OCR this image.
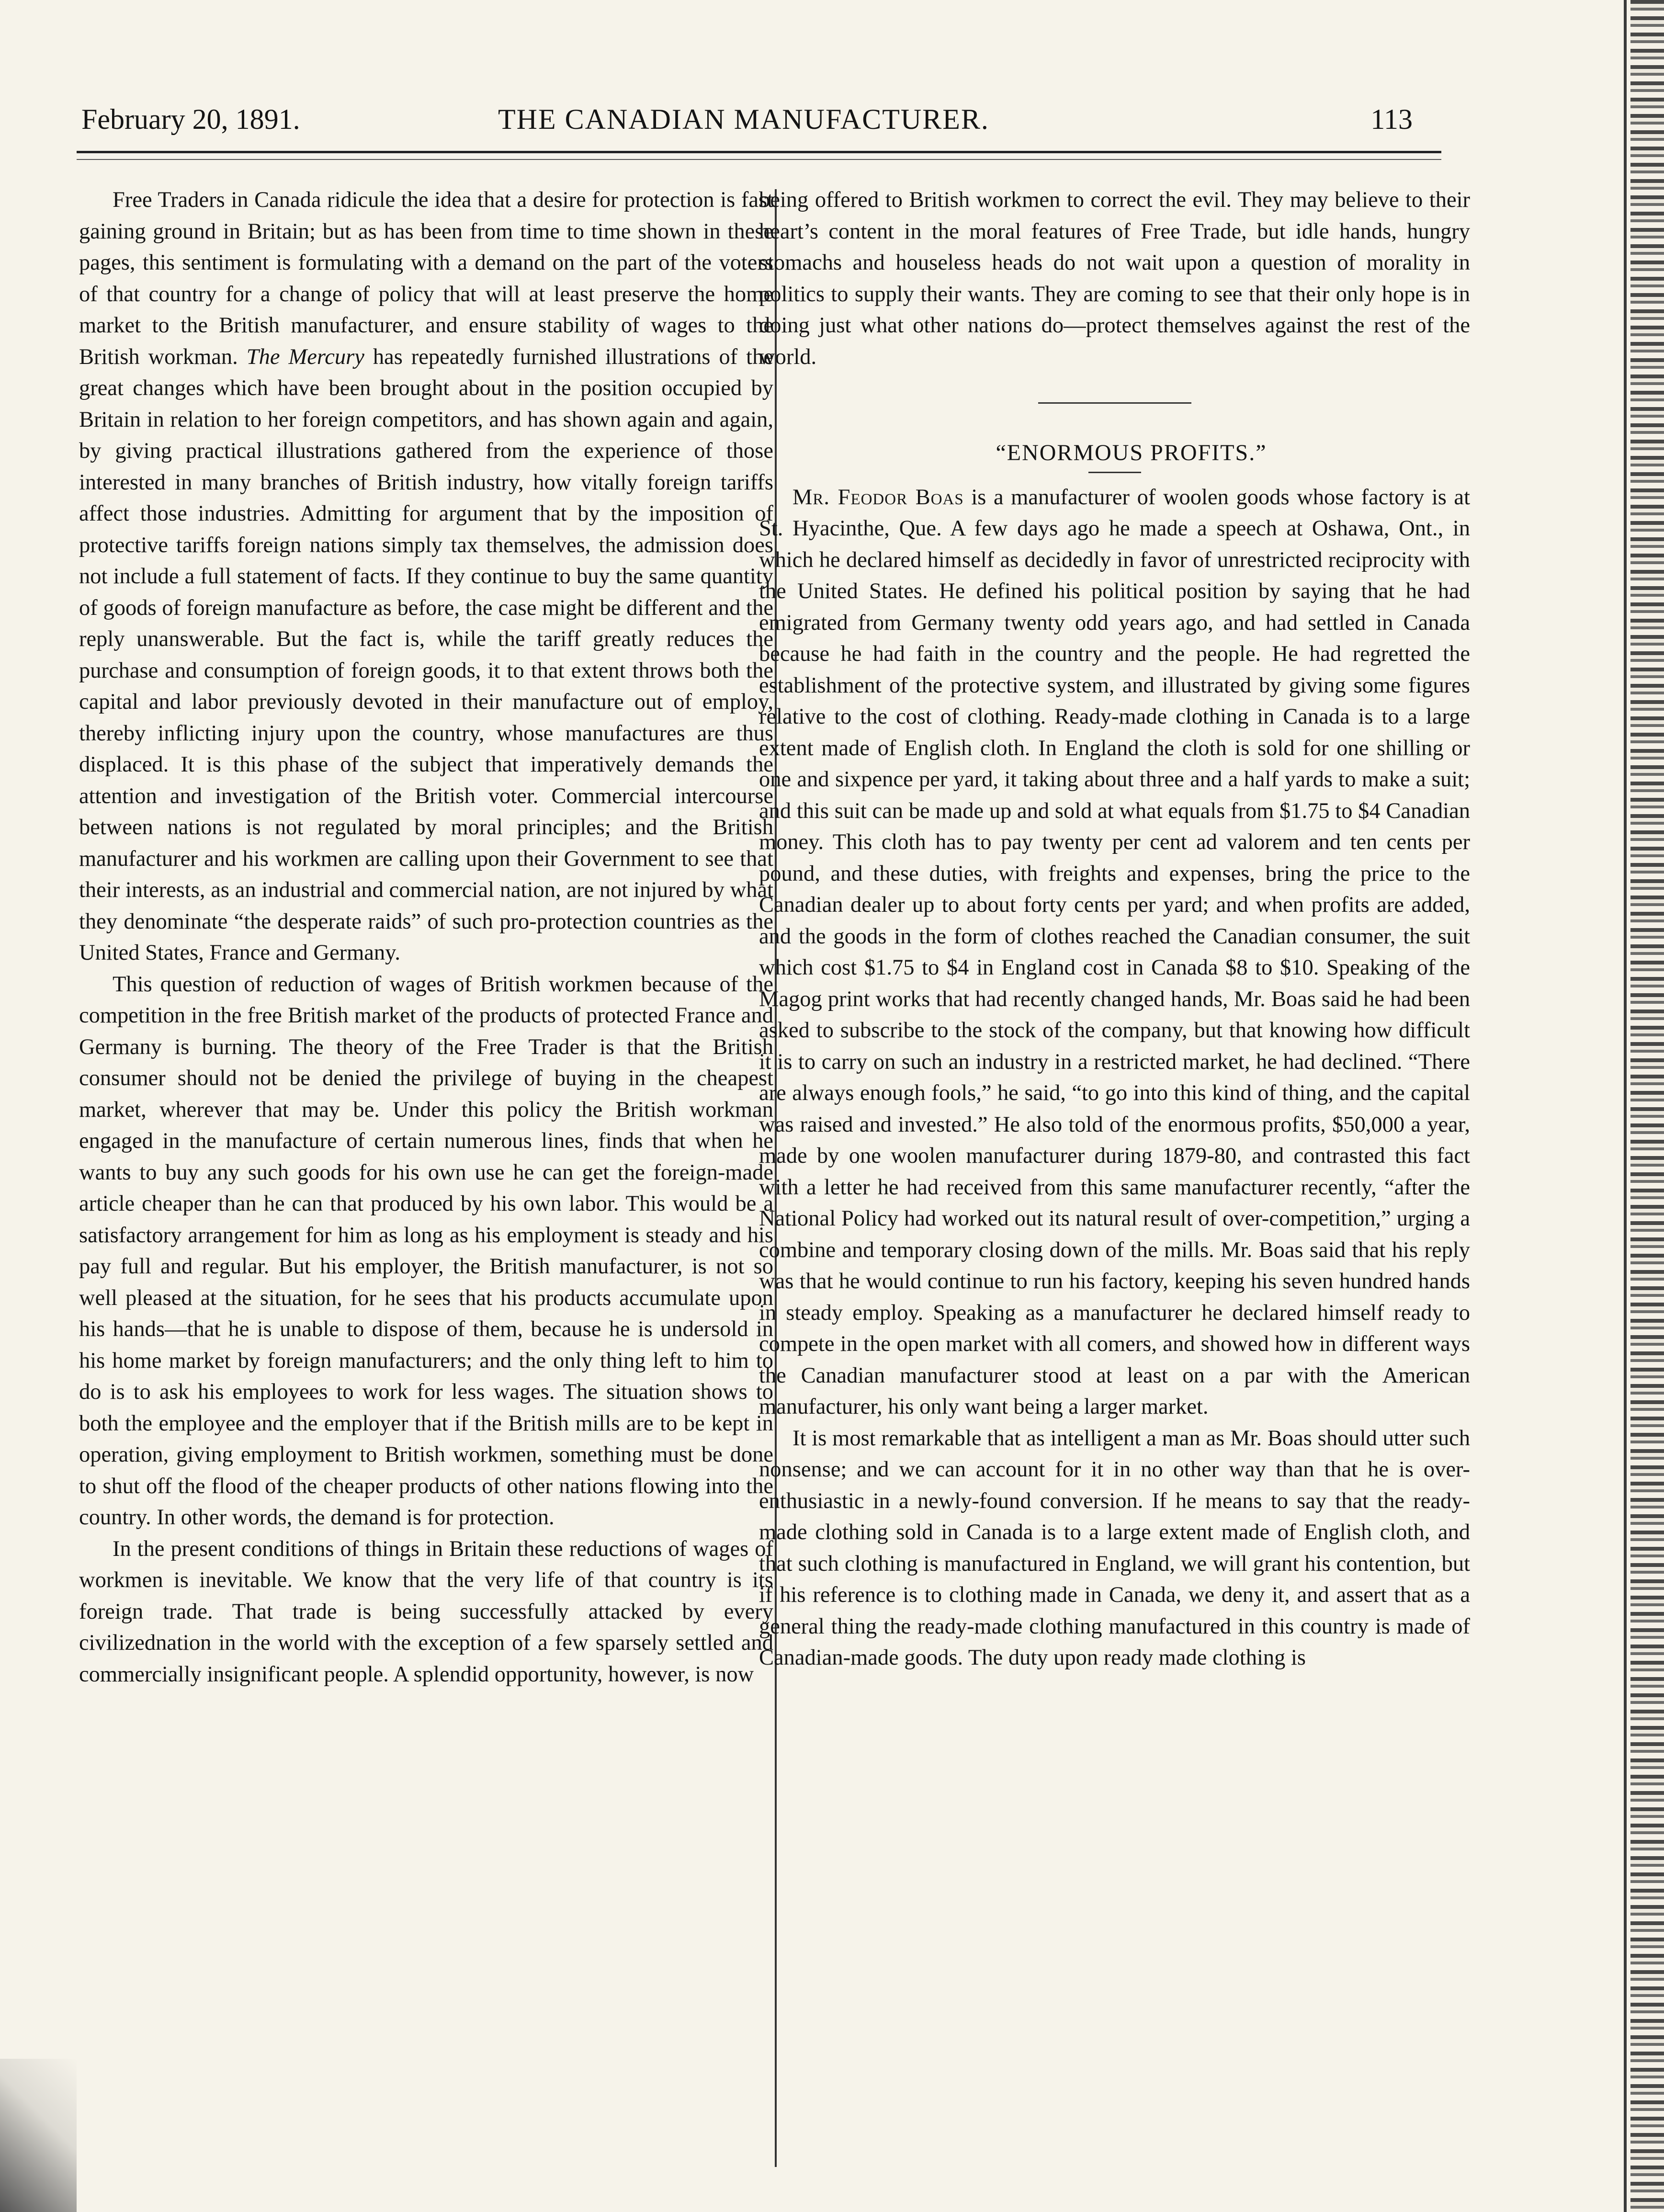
February 20, 1891.	THE CANADIAN MANUFACTURER.	113

Free Traders in Canada ridicule the idea that a desire for protection is fast gaining ground in Britain; but as has been from time to time shown in these pages, this sentiment is formulating with a demand on the part of the voters of that country for a change of policy that will at least preserve the home market to the British manufacturer, and ensure stability of wages to the British workman. The Mercury has repeatedly furnished illustrations of the great changes which have been brought about in the position occupied by Britain in relation to her foreign competitors, and has shown again and again, by giving practical illustrations gathered from the experience of those interested in many branches of British industry, how vitally foreign tariffs affect those industries. Admitting for argument that by the imposition of protective tariffs foreign nations simply tax themselves, the admission does not include a full statement of facts. If they continue to buy the same quantity of goods of foreign manufacture as before, the case might be different and the reply unanswerable. But the fact is, while the tariff greatly reduces the purchase and consumption of foreign goods, it to that extent throws both the capital and labor previously devoted in their manufacture out of employ, thereby inflicting injury upon the country, whose manufactures are thus displaced. It is this phase of the subject that imperatively demands the attention and investigation of the British voter. Commercial intercourse between nations is not regulated by moral principles; and the British manufacturer and his workmen are calling upon their Government to see that their interests, as an industrial and commercial nation, are not injured by what they denominate “the desperate raids” of such pro-protection countries as the United States, France and Germany.

This question of reduction of wages of British workmen because of the competition in the free British market of the products of protected France and Germany is burning. The theory of the Free Trader is that the British consumer should not be denied the privilege of buying in the cheapest market, wherever that may be. Under this policy the British workman engaged in the manufacture of certain numerous lines, finds that when he wants to buy any such goods for his own use he can get the foreign-made article cheaper than he can that produced by his own labor. This would be a satisfactory arrangement for him as long as his employment is steady and his pay full and regular. But his employer, the British manufacturer, is not so well pleased at the situation, for he sees that his products accumulate upon his hands—that he is unable to dispose of them, because he is undersold in his home market by foreign manufacturers; and the only thing left to him to do is to ask his employees to work for less wages. The situation shows to both the employee and the employer that if the British mills are to be kept in operation, giving employment to British workmen, something must be done to shut off the flood of the cheaper products of other nations flowing into the country. In other words, the demand is for protection.

In the present conditions of things in Britain these reductions of wages of workmen is inevitable. We know that the very life of that country is its foreign trade. That trade is being successfully attacked by every civilizednation in the world with the exception of a few sparsely settled and commercially insignificant people. A splendid opportunity, however, is now

being offered to British workmen to correct the evil. They may believe to their heart’s content in the moral features of Free Trade, but idle hands, hungry stomachs and houseless heads do not wait upon a question of morality in politics to supply their wants. They are coming to see that their only hope is in doing just what other nations do—protect themselves against the rest of the world.

“ENORMOUS PROFITS.”

Mr. Feodor Boas is a manufacturer of woolen goods whose factory is at St. Hyacinthe, Que. A few days ago he made a speech at Oshawa, Ont., in which he declared himself as decidedly in favor of unrestricted reciprocity with the United States. He defined his political position by saying that he had emigrated from Germany twenty odd years ago, and had settled in Canada because he had faith in the country and the people. He had regretted the establishment of the protective system, and illustrated by giving some figures relative to the cost of clothing. Ready-made clothing in Canada is to a large extent made of English cloth. In England the cloth is sold for one shilling or one and sixpence per yard, it taking about three and a half yards to make a suit; and this suit can be made up and sold at what equals from $1.75 to $4 Canadian money. This cloth has to pay twenty per cent ad valorem and ten cents per pound, and these duties, with freights and expenses, bring the price to the Canadian dealer up to about forty cents per yard; and when profits are added, and the goods in the form of clothes reached the Canadian consumer, the suit which cost $1.75 to $4 in England cost in Canada $8 to $10. Speaking of the Magog print works that had recently changed hands, Mr. Boas said he had been asked to subscribe to the stock of the company, but that knowing how difficult it is to carry on such an industry in a restricted market, he had declined. “There are always enough fools,” he said, “to go into this kind of thing, and the capital was raised and invested.” He also told of the enormous profits, $50,000 a year, made by one woolen manufacturer during 1879-80, and contrasted this fact with a letter he had received from this same manufacturer recently, “after the National Policy had worked out its natural result of over-competition,” urging a combine and temporary closing down of the mills. Mr. Boas said that his reply was that he would continue to run his factory, keeping his seven hundred hands in steady employ. Speaking as a manufacturer he declared himself ready to compete in the open market with all comers, and showed how in different ways the Canadian manufacturer stood at least on a par with the American manufacturer, his only want being a larger market.

It is most remarkable that as intelligent a man as Mr. Boas should utter such nonsense; and we can account for it in no other way than that he is over-enthusiastic in a newly-found conversion. If he means to say that the ready-made clothing sold in Canada is to a large extent made of English cloth, and that such clothing is manufactured in England, we will grant his contention, but if his reference is to clothing made in Canada, we deny it, and assert that as a general thing the ready-made clothing manufactured in this country is made of Canadian-made goods. The duty upon ready made clothing is
